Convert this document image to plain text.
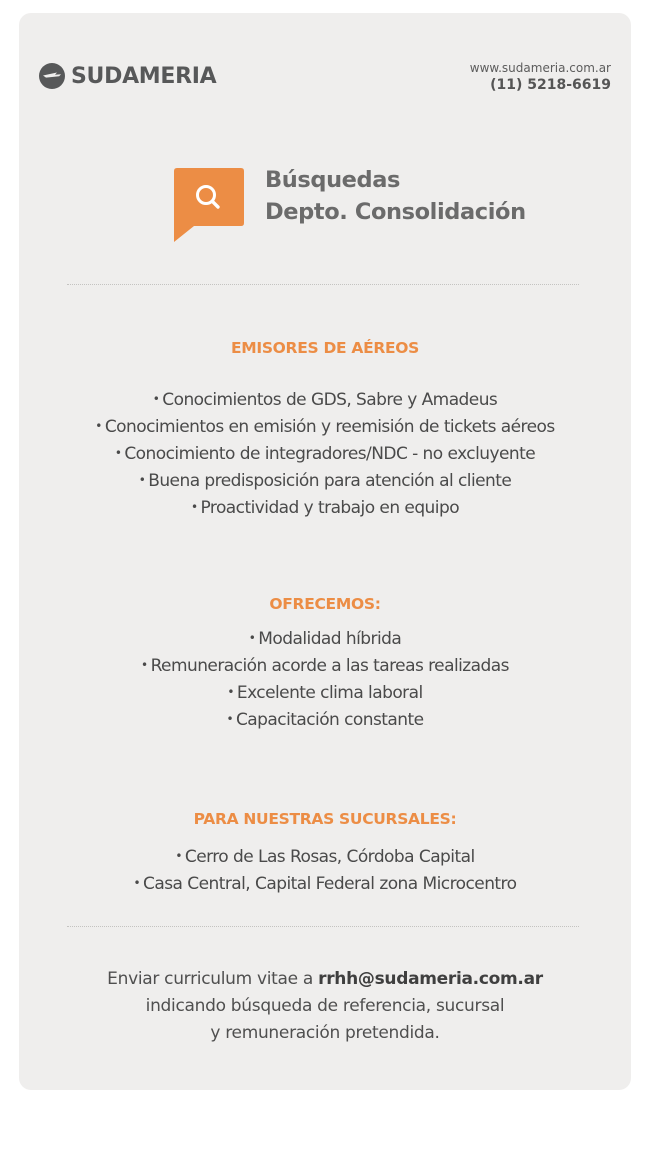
SUDAMERIA	www.sudameria.com.ar
(11) 5218-6619
Búsquedas
Depto. Consolidación
EMISORES DE AÉREOS
• Conocimientos de GDS, Sabre y Amadeus
• Conocimientos en emisión y reemisión de tickets aéreos
• Conocimiento de integradores/NDC - no excluyente
• Buena predisposición para atención al cliente
• Proactividad y trabajo en equipo
OFRECEMOS:
• Modalidad híbrida
• Remuneración acorde a las tareas realizadas
• Excelente clima laboral
• Capacitación constante
PARA NUESTRAS SUCURSALES:
• Cerro de Las Rosas, Córdoba Capital
• Casa Central, Capital Federal zona Microcentro
Enviar curriculum vitae a rrhh@sudameria.com.ar
indicando búsqueda de referencia, sucursal
y remuneración pretendida.
